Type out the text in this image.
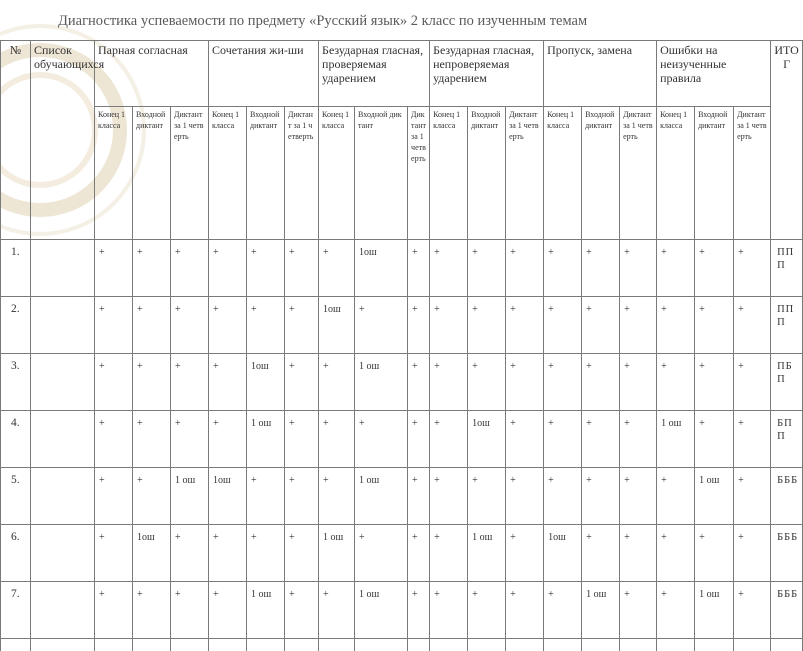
Диагностика успеваемости по предмету «Русский язык» 2 класс по изученным темам
№	Список обучающихся	Парная согласная			Сочетания жи-ши			Безударная гласная, проверяемая ударением			Безударная гласная, непроверяемая ударением			Пропуск, замена			Ошибки на неизученные правила			ИТОГ
		Конец 1 класса	Входной диктант	Диктант за 1 четверть	Конец 1 класса	Входной диктант	Диктант за 1 четверть	Конец 1 класса	Входной диктант	Диктант за 1 четверть	Конец 1 класса	Входной диктант	Диктант за 1 четверть	Конец 1 класса	Входной диктант	Диктант за 1 четверть	Конец 1 класса	Входной диктант	Диктант за 1 четверть	
1.		+	+	+	+	+	+	+	1ош	+	+	+	+	+	+	+	+	+	+	ППП
2.		+	+	+	+	+	+	1ош	+	+	+	+	+	+	+	+	+	+	+	ППП
3.		+	+	+	+	1ош	+	+	1 ош	+	+	+	+	+	+	+	+	+	+	ПБП
4.		+	+	+	+	1 ош	+	+	+	+	+	1ош	+	+	+	+	1 ош	+	+	БПП
5.		+	+	1 ош	1ош	+	+	+	1 ош	+	+	+	+	+	+	+	+	1 ош	+	БББ
6.		+	1ош	+	+	+	+	1 ош	+	+	+	1 ош	+	1ош	+	+	+	+	+	БББ
7.		+	+	+	+	1 ош	+	+	1 ош	+	+	+	+	+	1 ош	+	+	1 ош	+	БББ
